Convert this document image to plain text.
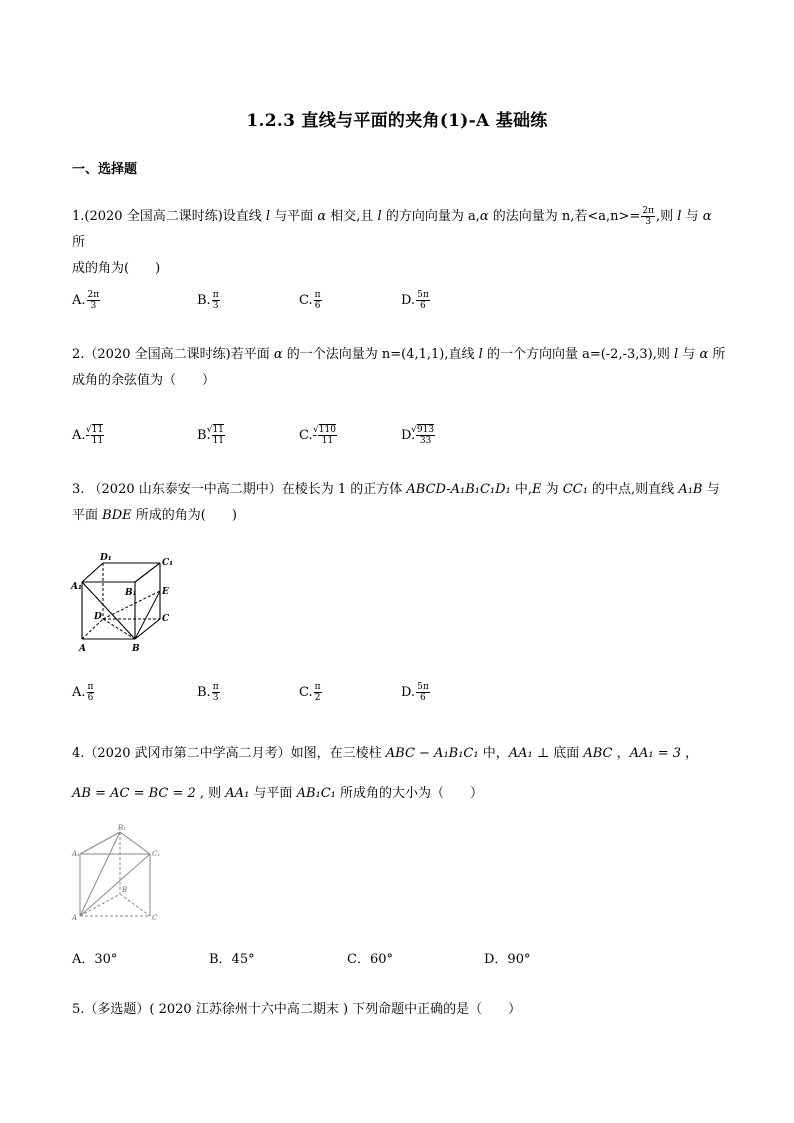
1.2.3 直线与平面的夹角(1)-A 基础练
一、选择题
1.(2020 全国高二课时练)设直线 l 与平面 α 相交,且 l 的方向向量为 a,α 的法向量为 n,若$<a,n>= \frac{2\pi}{3}$ ,则 l 与 α 所
成的角为(　　)
A. $\frac{2\pi}{3}$	B. $\frac{\pi}{3}$	C. $\frac{\pi}{6}$	D. $\frac{5\pi}{6}$
2.（2020 全国高二课时练)若平面 α 的一个法向量为 n=(4,1,1),直线 l 的一个方向向量 a=(-2,-3,3),则 l 与 α 所
成角的余弦值为（　　）
A.- √ $\frac{11}{11}$	B. √ $\frac{11}{11}$	C.- √ $\frac{110}{11}$	D. √ $\frac{913}{33}$
3. （2020 山东泰安一中高二期中）在棱长为 1 的正方体 ABCD-A₁B₁C₁D₁ 中,E 为 CC₁ 的中点,则直线 A₁B 与
平面 BDE 所成的角为(　　)
D₁	C₁
A₁
B₁	E
D	C
A	B
A. $\frac{\pi}{6}$	B. $\frac{\pi}{3}$	C. $\frac{\pi}{2}$	D. $\frac{5\pi}{6}$
4.（2020 武冈市第二中学高二月考）如图，在三棱柱 ABC − A₁B₁C₁ 中，AA₁ ⊥ 底面 ABC ，AA₁ = 3 ，
AB = AC = BC = 2 , 则 AA₁ 与平面 AB₁C₁ 所成角的大小为（　　）
B₁
A₁	C₁
B
A	C
A．30°	B．45°	C．60°	D．90°
5.（多选题）( 2020 江苏徐州十六中高二期末 ) 下列命题中正确的是（　　）
